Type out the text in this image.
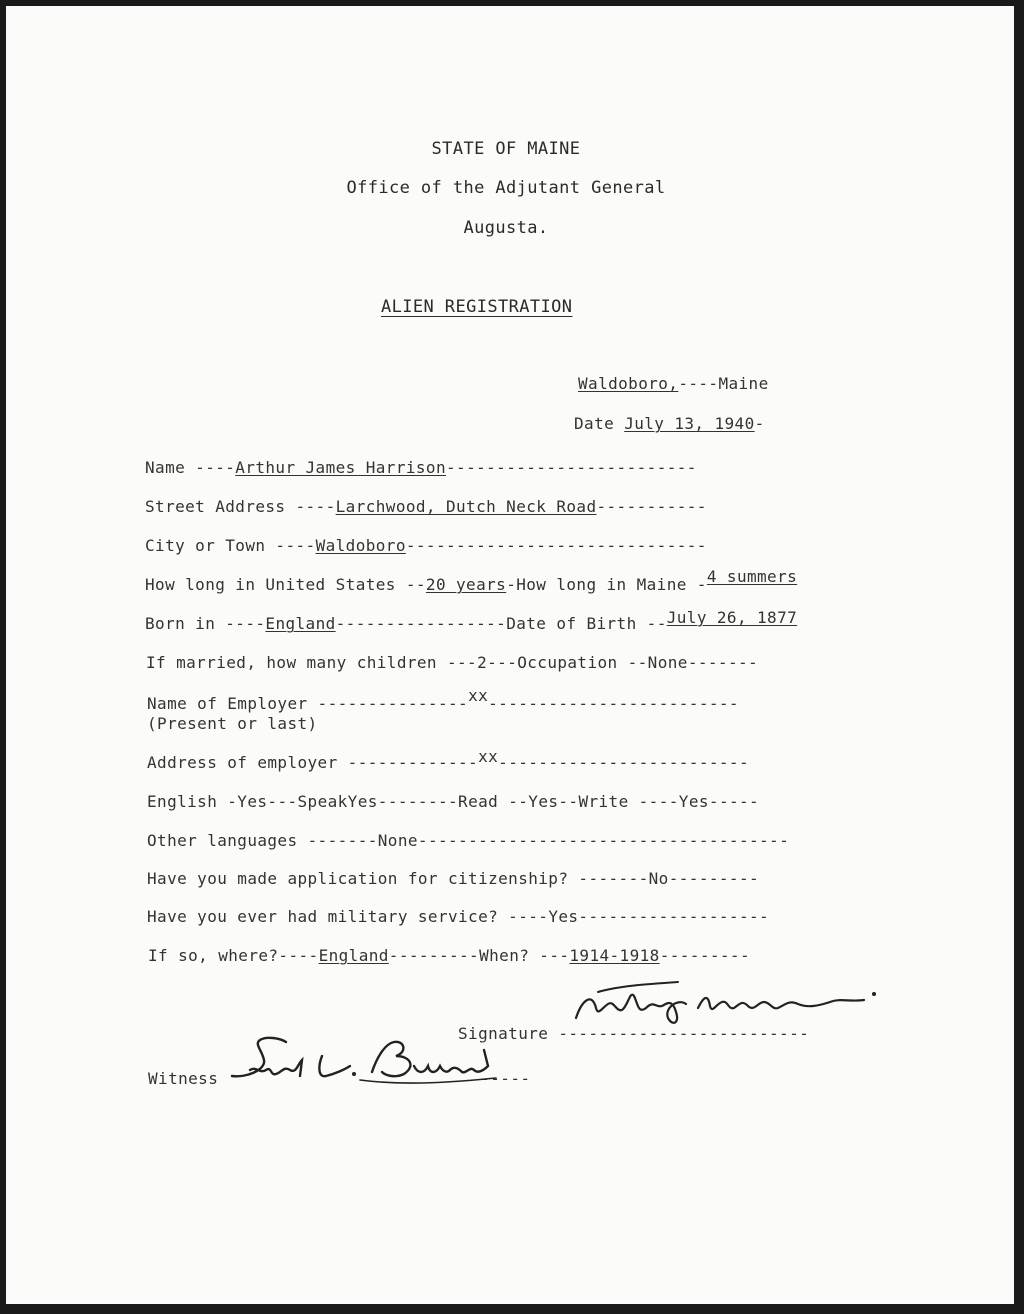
STATE OF MAINE
Office of the Adjutant General
Augusta.
ALIEN REGISTRATION
Waldoboro,----Maine
Date July 13, 1940-
Name ----Arthur James Harrison-------------------------
Street Address ----Larchwood, Dutch Neck Road-----------
City or Town ----Waldoboro------------------------------
How long in United States --20 years-How long in Maine -4 summers
Born in ----England-----------------Date of Birth --July 26, 1877
If married, how many children ---2---Occupation --None-------
Name of Employer ---------------xx-------------------------
(Present or last)
Address of employer -------------xx-------------------------
English -Yes---SpeakYes--------Read --Yes--Write ----Yes-----
Other languages -------None-------------------------------------
Have you made application for citizenship? -------No---------
Have you ever had military service? ----Yes-------------------
If so, where?----England---------When? ---1914-1918---------
Signature -------------------------
Witness	-----
